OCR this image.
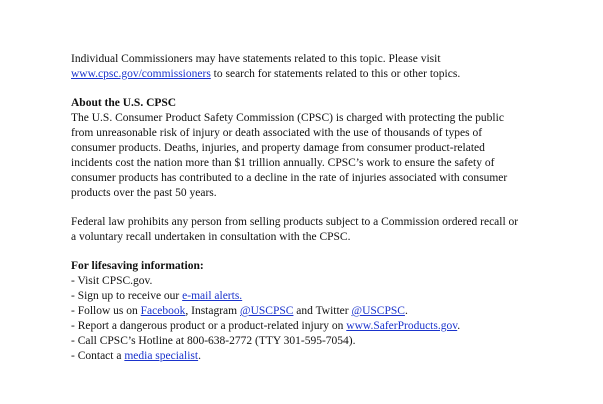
Individual Commissioners may have statements related to this topic. Please visit
www.cpsc.gov/commissioners to search for statements related to this or other topics.

About the U.S. CPSC
The U.S. Consumer Product Safety Commission (CPSC) is charged with protecting the public
from unreasonable risk of injury or death associated with the use of thousands of types of
consumer products. Deaths, injuries, and property damage from consumer product-related
incidents cost the nation more than $1 trillion annually. CPSC’s work to ensure the safety of
consumer products has contributed to a decline in the rate of injuries associated with consumer
products over the past 50 years.

Federal law prohibits any person from selling products subject to a Commission ordered recall or
a voluntary recall undertaken in consultation with the CPSC.

For lifesaving information:
- Visit CPSC.gov.
- Sign up to receive our e-mail alerts.
- Follow us on Facebook, Instagram @USCPSC and Twitter @USCPSC.
- Report a dangerous product or a product-related injury on www.SaferProducts.gov.
- Call CPSC’s Hotline at 800-638-2772 (TTY 301-595-7054).
- Contact a media specialist.
